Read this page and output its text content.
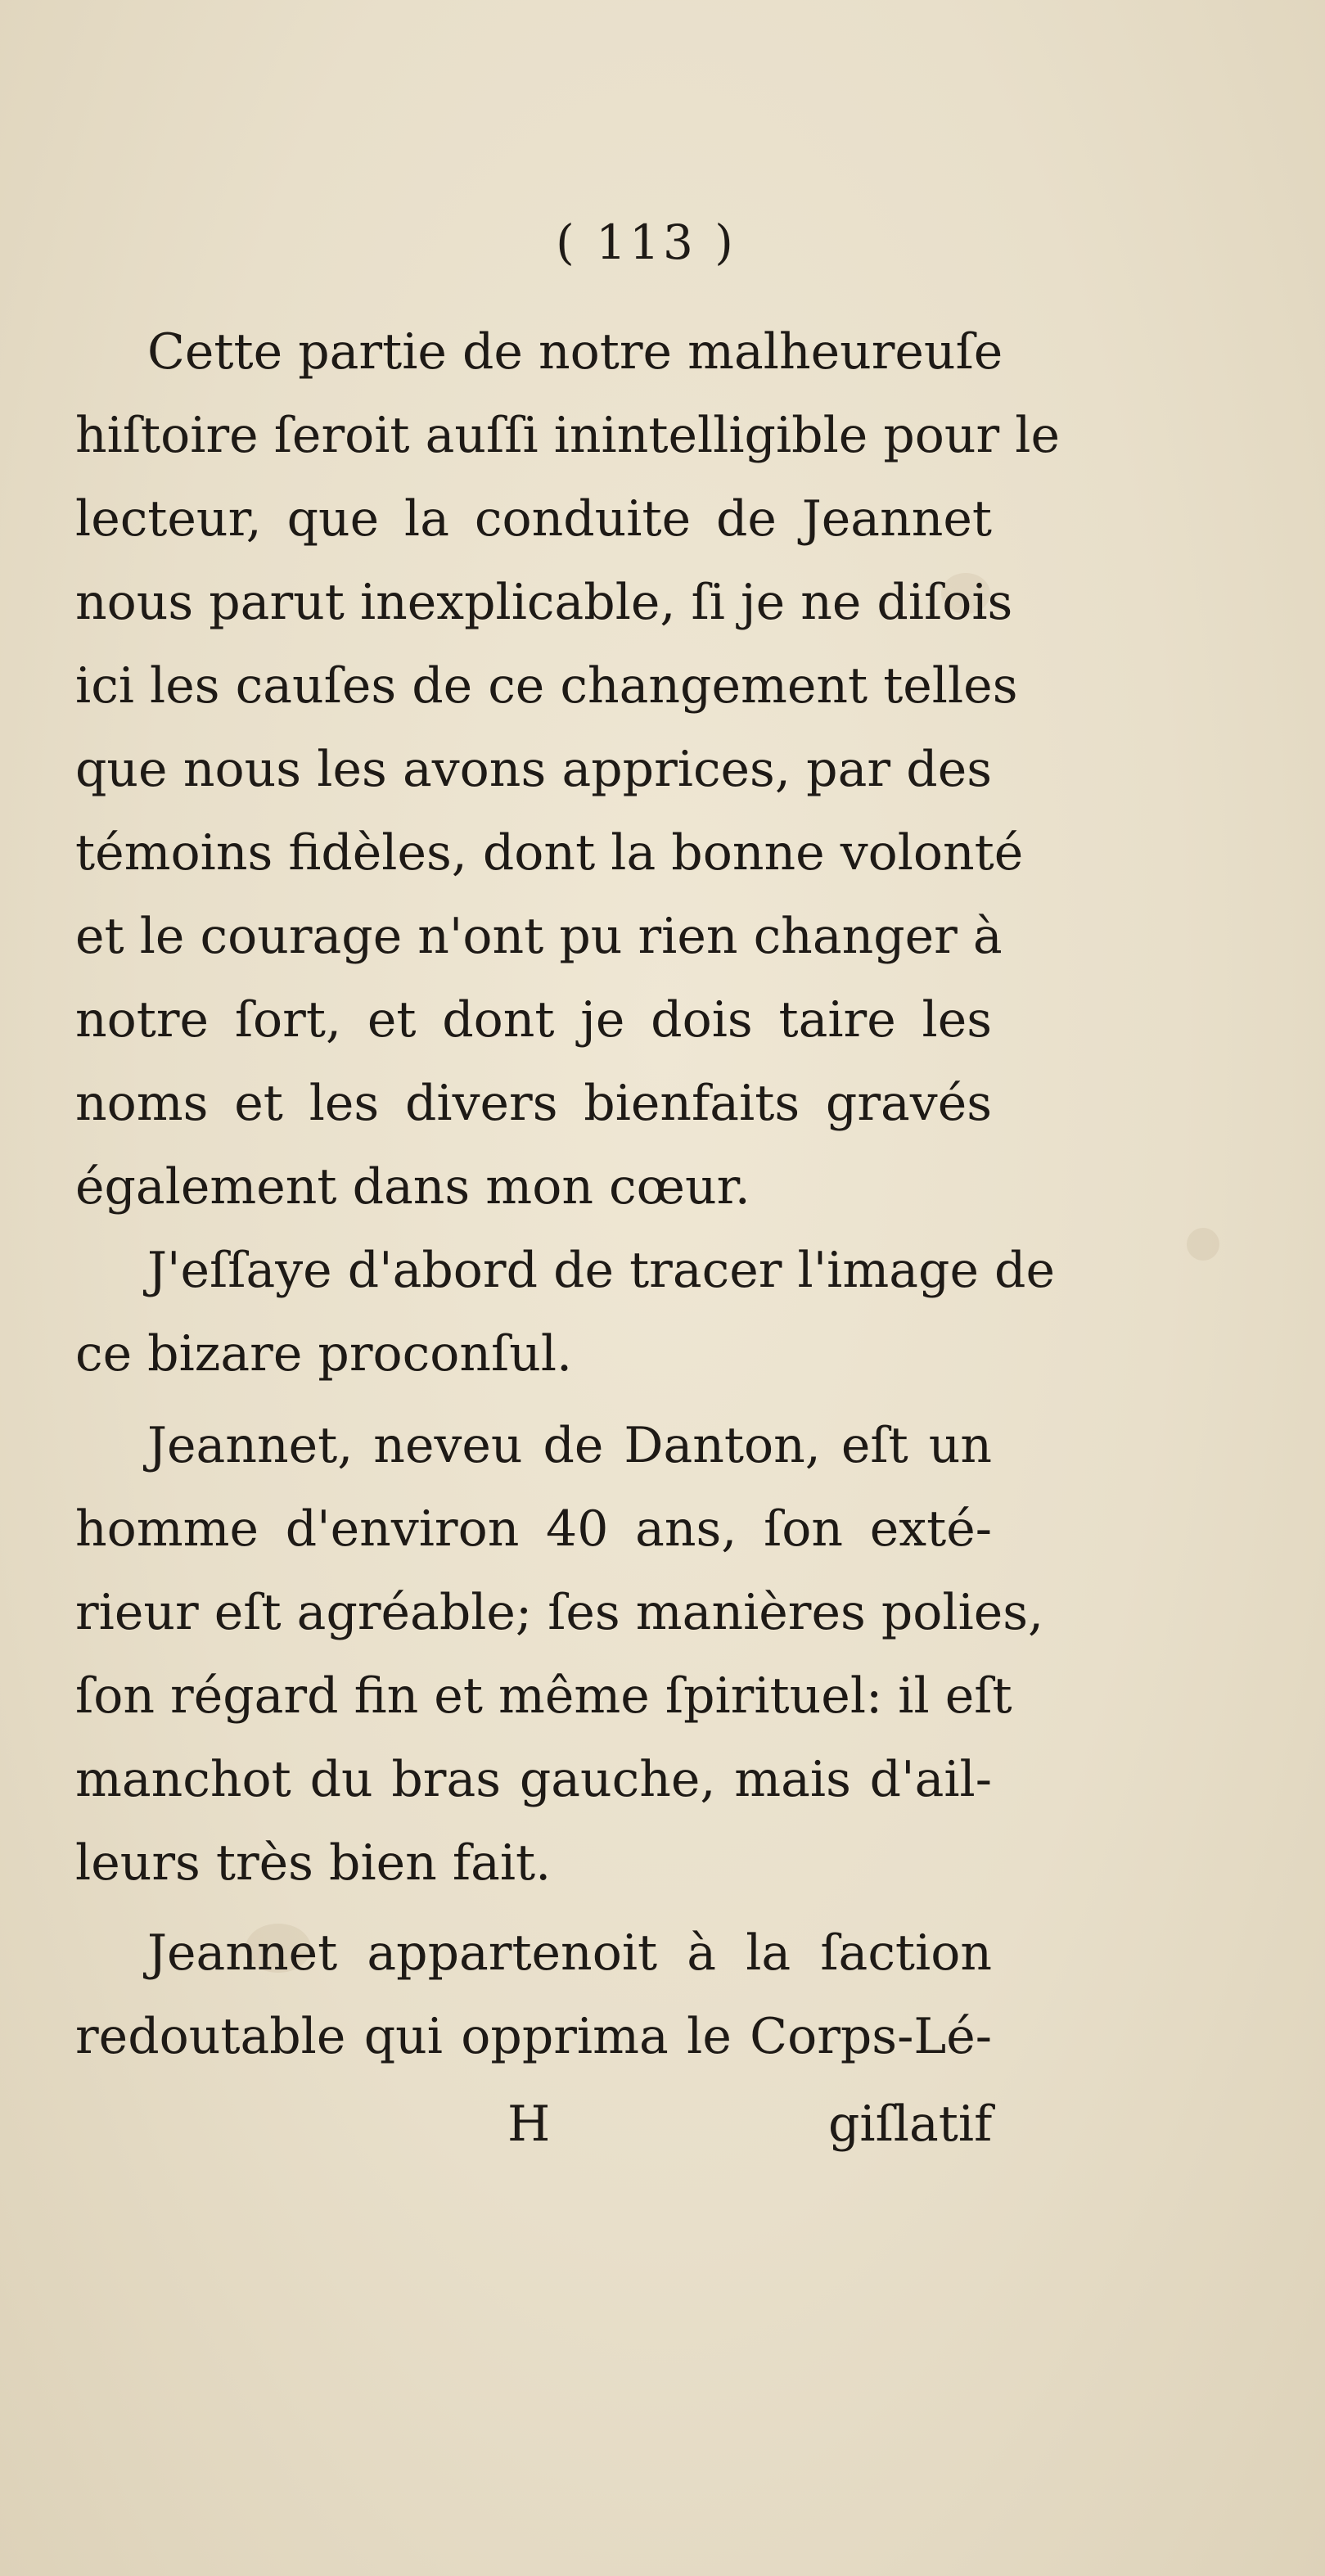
( 113 )
Cette partie de notre malheureuſe
hiſtoire ſeroit auſſi inintelligible pour le
lecteur, que la conduite de Jeannet
nous parut inexplicable, ſi je ne diſois
ici les cauſes de ce changement telles
que nous les avons apprices, par des
témoins fidèles, dont la bonne volonté
et le courage n'ont pu rien changer à
notre ſort, et dont je dois taire les
noms et les divers bienfaits gravés
également dans mon cœur.
J'eſſaye d'abord de tracer l'image de
ce bizare proconſul.
Jeannet, neveu de Danton, eſt un
homme d'environ 40 ans, ſon exté-
rieur eſt agréable; ſes manières polies,
ſon régard fin et même ſpirituel: il eſt
manchot du bras gauche, mais d'ail-
leurs très bien fait.
Jeannet appartenoit à la ſaction
redoutable qui opprima le Corps-Lé-
H	giſlatif
